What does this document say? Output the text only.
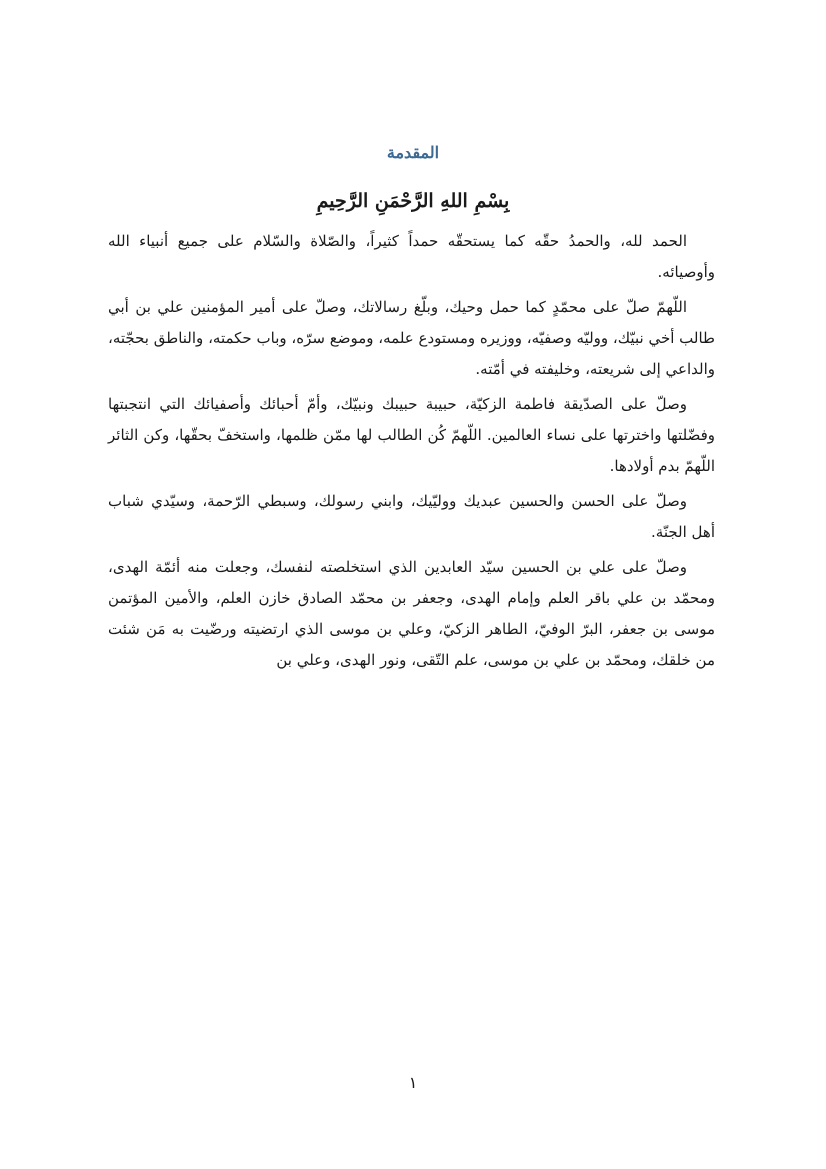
المقدمة
بِسْمِ اللهِ الرَّحْمَنِ الرَّحِيمِ

الحمد لله، والحمدُ حقّه كما يستحقّه حمداً كثيراً، والصّلاة والسّلام على جميع أنبياء الله وأوصيائه.

اللّهمّ صلّ على محمّدٍ كما حمل وحيك، وبلّغ رسالاتك، وصلّ على أمير المؤمنين علي بن أبي طالب أخي نبيّك، ووليّه وصفيّه، ووزيره ومستودع علمه، وموضع سرّه، وباب حكمته، والناطق بحجّته، والداعي إلى شريعته، وخليفته في أمّته.

وصلّ على الصدّيقة فاطمة الزكيّة، حبيبة حبيبك ونبيّك، وأمّ أحبائك وأصفيائك التي انتجبتها وفضّلتها واخترتها على نساء العالمين. اللّهمّ كُن الطالب لها ممّن ظلمها، واستخفّ بحقّها، وكن الثائر اللّهمّ بدم أولادها.

وصلّ على الحسن والحسين عبديك ووليّيك، وابني رسولك، وسبطي الرّحمة، وسيّدي شباب أهل الجنّة.

وصلّ على علي بن الحسين سيّد العابدين الذي استخلصته لنفسك، وجعلت منه أئمّة الهدى، ومحمّد بن علي باقر العلم وإمام الهدى، وجعفر بن محمّد الصادق خازن العلم، والأمين المؤتمن موسى بن جعفر، البرّ الوفيّ، الطاهر الزكيّ، وعلي بن موسى الذي ارتضيته ورضّيت به مَن شئت من خلقك، ومحمّد بن علي بن موسى، علم التّقى، ونور الهدى، وعلي بن

١
